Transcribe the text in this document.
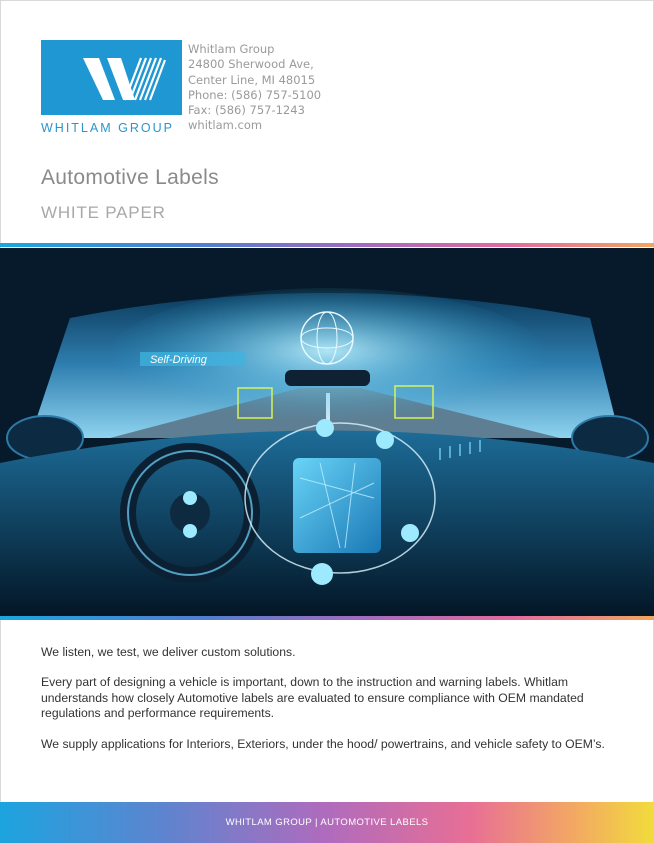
WHITLAM GROUP
Whitlam Group
24800 Sherwood Ave,
Center Line, MI 48015
Phone: (586) 757-5100
Fax: (586) 757-1243
whitlam.com
Automotive Labels
WHITE PAPER
Self-Driving

We listen, we test, we deliver custom solutions.

Every part of designing a vehicle is important, down to the instruction and warning labels. Whitlam understands how closely Automotive labels are evaluated to ensure compliance with OEM mandated regulations and performance requirements.

We supply applications for Interiors, Exteriors, under the hood/ powertrains, and vehicle safety to OEM’s.

WHITLAM GROUP | AUTOMOTIVE LABELS
